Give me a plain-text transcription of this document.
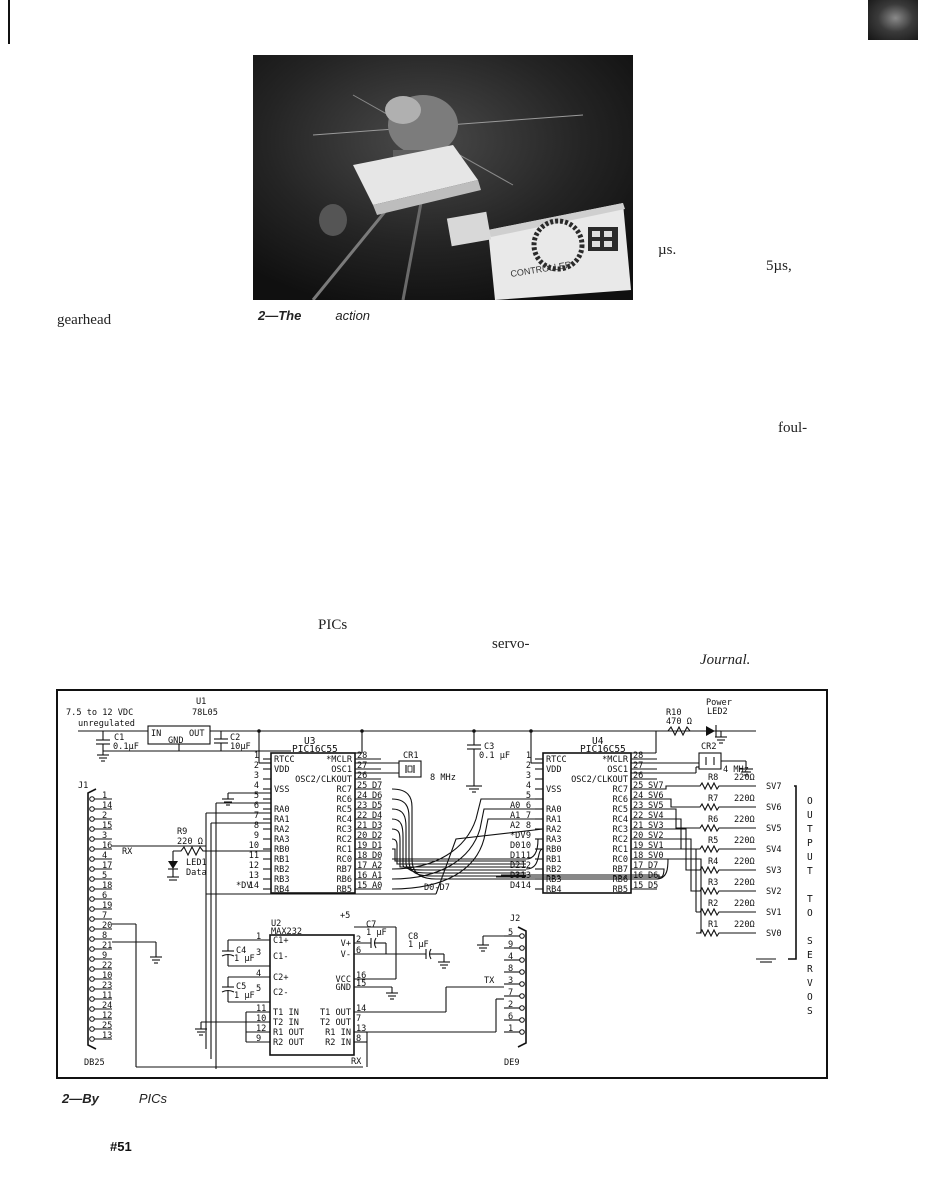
CONTROLLER
µs.
5µs,
gearhead	2—The	action
foul-
PICs
servo-
Journal.
7.5 to 12 VDC
unregulated
U1
78L05
IN	OUT
GND
C1
0.1µF
C2
10µF	U3
PIC16C55
1 RTCC
2 VDD
3
4 VSS
5
6 RA0
7 RA1
8 RA2
9 RA3
10 RB0
11 RB1
12 RB2
13 RB3
14 RB4
*DV
28
*MCLR
27
OSC1
26
OSC2/CLKOUT
25
RC7
24
RC6
23
RC5
22
RC4
21
RC3
20
RC2
19
RC1
18
RC0
17
RB7
16
RB6
15
RB5
D7
D6
D5
D4
D3
D2
D1
D0
A2
A1
A0
CR1
8 MHz
C3
0.1 µF
U4
PIC16C55
1 RTCC
2 VDD
3
4 VSS
5
6 RA0
7 RA1
8 RA2
9 RA3
10 RB0
11 RB1
12 RB2
13 RB3
14 RB4
A0
A1
A2
*DV
D0
D1
D2
D3
D4
28
*MCLR
27
OSC1
26
OSC2/CLKOUT
25
RC7
24
RC6
23
RC5
22
RC4
21
RC3
20
RC2
19
RC1
18
RC0
17
RB7
16
RB6
15
RB5
SV7
SV6
SV5
SV4
SV3
SV2
SV1
SV0
D7
D6
D5
R10
470 Ω
Power
LED2
CR2
4 MHz
R8 220Ω
SV7
R7 220Ω
SV6
R6 220Ω
SV5
R5 220Ω
SV4
R4 220Ω
SV3
R3 220Ω
SV2
R2 220Ω
SV1
R1 220Ω
SV0
O
U
T
P
U
T
T
O
S
E
R
V
O
S
D0-D7
R9
220 Ω
LED1
Data
J1
1
14
2
15
3
16
4
17
5
18
6
19
7
20
8
21
9
22
10
23
11
24
12
25
13
DB25
RX
RX
U2
MAX232
1 C1+
3 C1-
4 C2+
5 C2-
11 T1 IN
10 T2 IN
12 R1 OUT
9 R2 OUT
2
V+
6
V-
16
VCC 15
GND
14
T1 OUT
7
T2 OUT
13
R1 IN
8
R2 IN
+5
C7
1 µF C8
1 µF
C4
1 µF
C5
1 µF
TX
J2
5
9
4
8
3
7
2
6
1
DE9
2—By	PICs
#51
